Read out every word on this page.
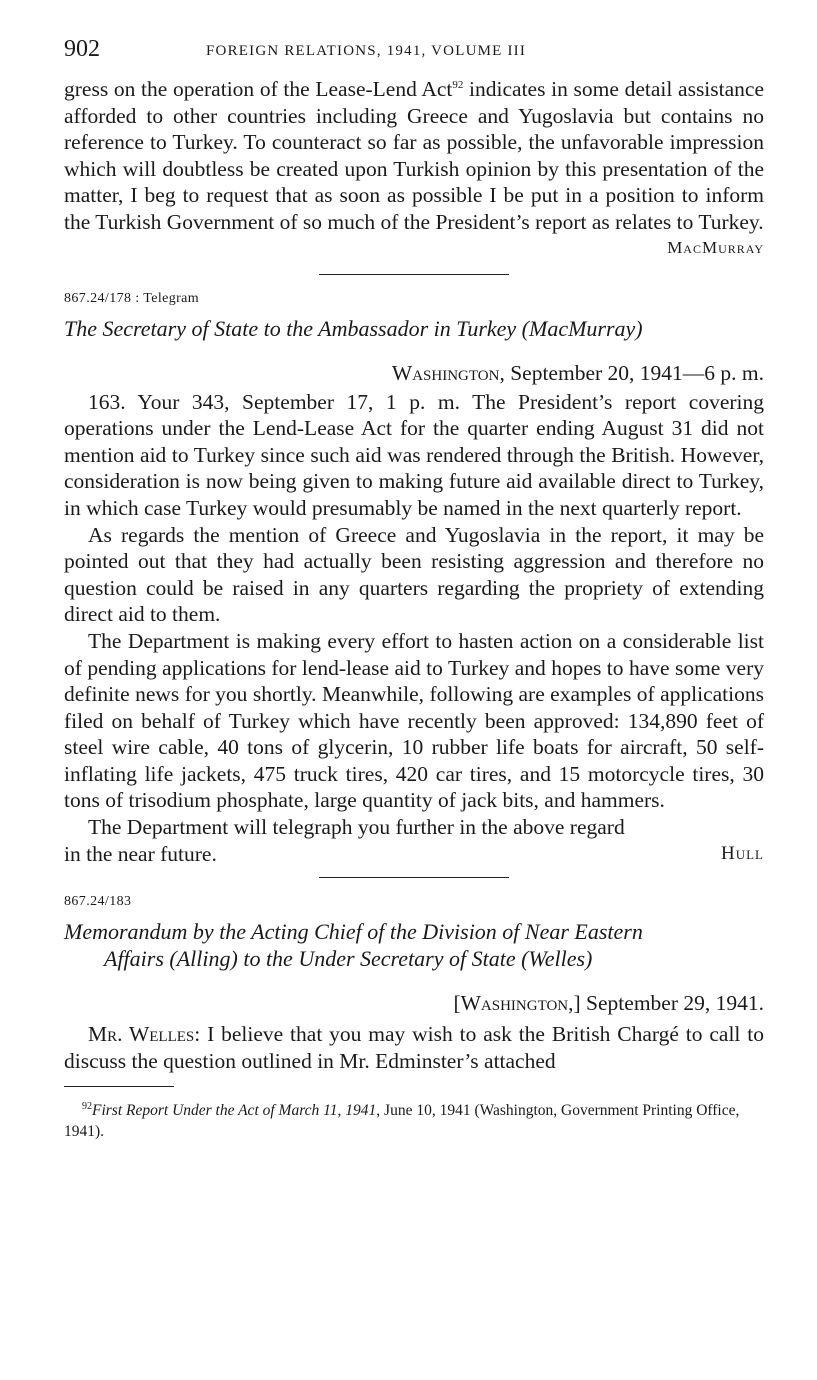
902	FOREIGN RELATIONS, 1941, VOLUME III

gress on the operation of the Lease-Lend Act$^{92}$ indicates in some detail assistance afforded to other countries including Greece and Yugoslavia but contains no reference to Turkey. To counteract so far as possible, the unfavorable impression which will doubtless be created upon Turkish opinion by this presentation of the matter, I beg to request that as soon as possible I be put in a position to inform the Turkish Government of so much of the President’s report as relates to Turkey.

MacMurray
867.24/178 : Telegram
The Secretary of State to the Ambassador in Turkey (MacMurray)
Washington, September 20, 1941—6 p. m.

163. Your 343, September 17, 1 p. m. The President’s report covering operations under the Lend-Lease Act for the quarter ending August 31 did not mention aid to Turkey since such aid was rendered through the British. However, consideration is now being given to making future aid available direct to Turkey, in which case Turkey would presumably be named in the next quarterly report.

As regards the mention of Greece and Yugoslavia in the report, it may be pointed out that they had actually been resisting aggression and therefore no question could be raised in any quarters regarding the propriety of extending direct aid to them.

The Department is making every effort to hasten action on a considerable list of pending applications for lend-lease aid to Turkey and hopes to have some very definite news for you shortly. Meanwhile, following are examples of applications filed on behalf of Turkey which have recently been approved: 134,890 feet of steel wire cable, 40 tons of glycerin, 10 rubber life boats for aircraft, 50 self-inflating life jackets, 475 truck tires, 420 car tires, and 15 motorcycle tires, 30 tons of trisodium phosphate, large quantity of jack bits, and hammers.

The Department will telegraph you further in the above regard

in the near future.	Hull
867.24/183
Memorandum by the Acting Chief of the Division of Near Eastern
Affairs (Alling) to the Under Secretary of State (Welles)
[Washington,] September 29, 1941.

Mr. Welles: I believe that you may wish to ask the British Chargé to call to discuss the question outlined in Mr. Edminster’s attached

$^{92}$First Report Under the Act of March 11, 1941, June 10, 1941 (Washington, Government Printing Office, 1941).
